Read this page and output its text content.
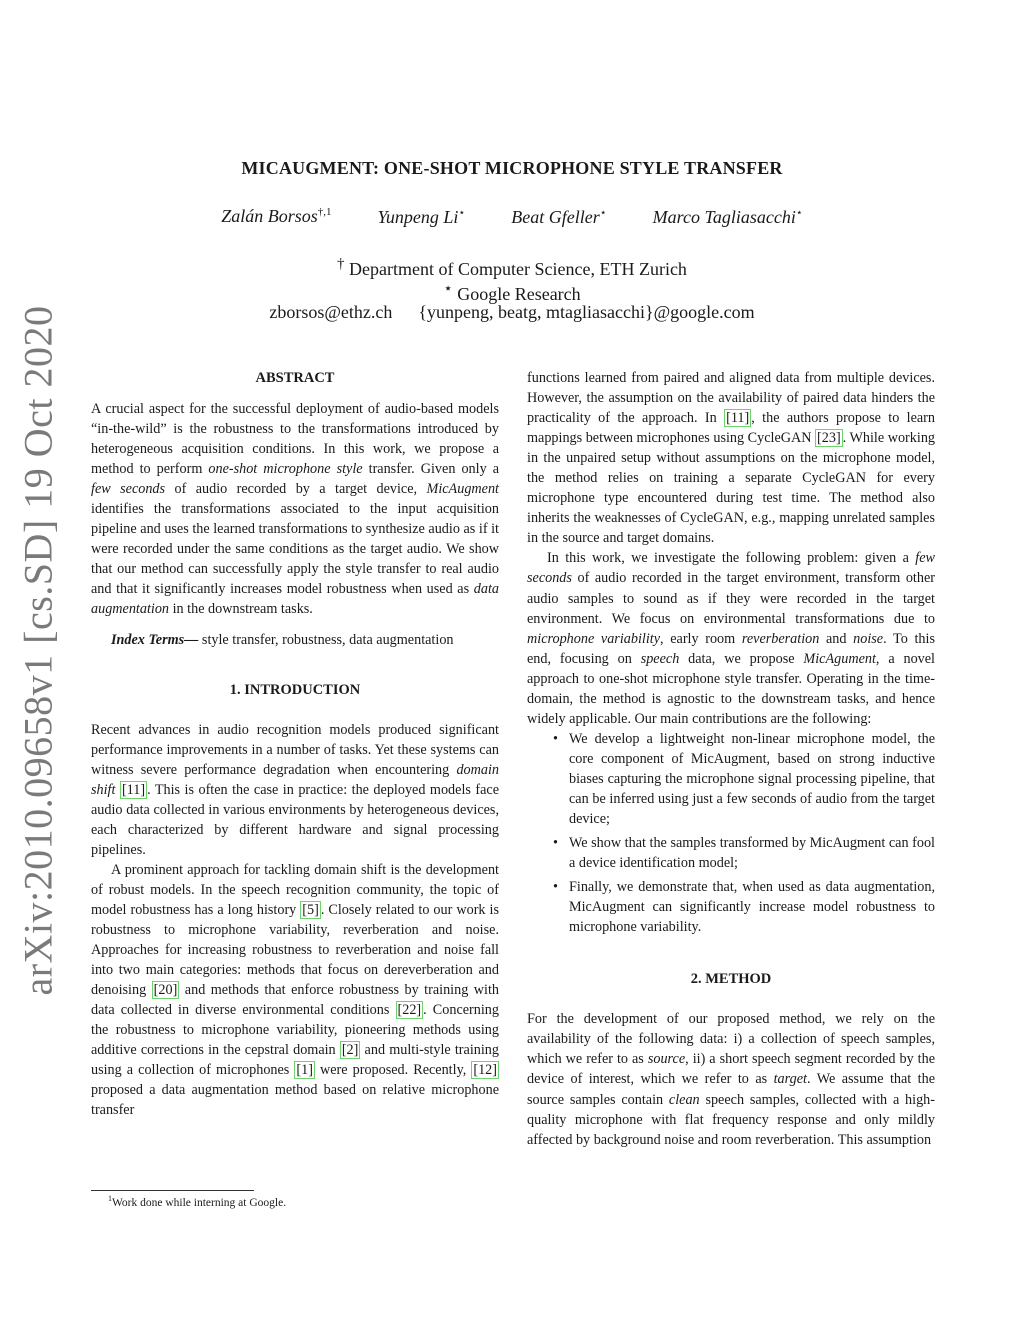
arXiv:2010.09658v1 [cs.SD] 19 Oct 2020
MICAUGMENT: ONE-SHOT MICROPHONE STYLE TRANSFER
Zalán Borsos$^{\dagger,1}$	Yunpeng Li⋆	Beat Gfeller⋆	Marco Tagliasacchi⋆
† Department of Computer Science, ETH Zurich
⋆ Google Research
zborsos@ethz.ch {yunpeng, beatg, mtagliasacchi}@google.com

ABSTRACT

A crucial aspect for the successful deployment of audio-based models “in-the-wild” is the robustness to the transformations introduced by heterogeneous acquisition conditions. In this work, we propose a method to perform one-shot microphone style transfer. Given only a few seconds of audio recorded by a target device, MicAugment identifies the transformations associated to the input acquisition pipeline and uses the learned transformations to synthesize audio as if it were recorded under the same conditions as the target audio. We show that our method can successfully apply the style transfer to real audio and that it significantly increases model robustness when used as data augmentation in the downstream tasks.

Index Terms— style transfer, robustness, data augmentation

1. INTRODUCTION

Recent advances in audio recognition models produced significant performance improvements in a number of tasks. Yet these systems can witness severe performance degradation when encountering domain shift [11] . This is often the case in practice: the deployed models face audio data collected in various environments by heterogeneous devices, each characterized by different hardware and signal processing pipelines.

A prominent approach for tackling domain shift is the development of robust models. In the speech recognition community, the topic of model robustness has a long history [5] . Closely related to our work is robustness to microphone variability, reverberation and noise. Approaches for increasing robustness to reverberation and noise fall into two main categories: methods that focus on dereverberation and denoising [20] and methods that enforce robustness by training with data collected in diverse environmental conditions [22] . Concerning the robustness to microphone variability, pioneering methods using additive corrections in the cepstral domain [2] and multi-style training using a collection of microphones [1] were proposed. Recently, [12] proposed a data augmentation method based on relative microphone transfer

functions learned from paired and aligned data from multiple devices. However, the assumption on the availability of paired data hinders the practicality of the approach. In [11] , the authors propose to learn mappings between microphones using CycleGAN [23] . While working in the unpaired setup without assumptions on the microphone model, the method relies on training a separate CycleGAN for every microphone type encountered during test time. The method also inherits the weaknesses of CycleGAN, e.g., mapping unrelated samples in the source and target domains.

In this work, we investigate the following problem: given a few seconds of audio recorded in the target environment, transform other audio samples to sound as if they were recorded in the target environment. We focus on environmental transformations due to microphone variability, early room reverberation and noise. To this end, focusing on speech data, we propose MicAgument, a novel approach to one-shot microphone style transfer. Operating in the time-domain, the method is agnostic to the downstream tasks, and hence widely applicable. Our main contributions are the following:

• We develop a lightweight non-linear microphone model, the core component of MicAugment, based on strong inductive biases capturing the microphone signal processing pipeline, that can be inferred using just a few seconds of audio from the target device;
• We show that the samples transformed by MicAugment can fool a device identification model;
• Finally, we demonstrate that, when used as data augmentation, MicAugment can significantly increase model robustness to microphone variability.

2. METHOD

For the development of our proposed method, we rely on the availability of the following data: i) a collection of speech samples, which we refer to as source, ii) a short speech segment recorded by the device of interest, which we refer to as target. We assume that the source samples contain clean speech samples, collected with a high-quality microphone with flat frequency response and only mildly affected by background noise and room reverberation. This assumption

$^1$Work done while interning at Google.
